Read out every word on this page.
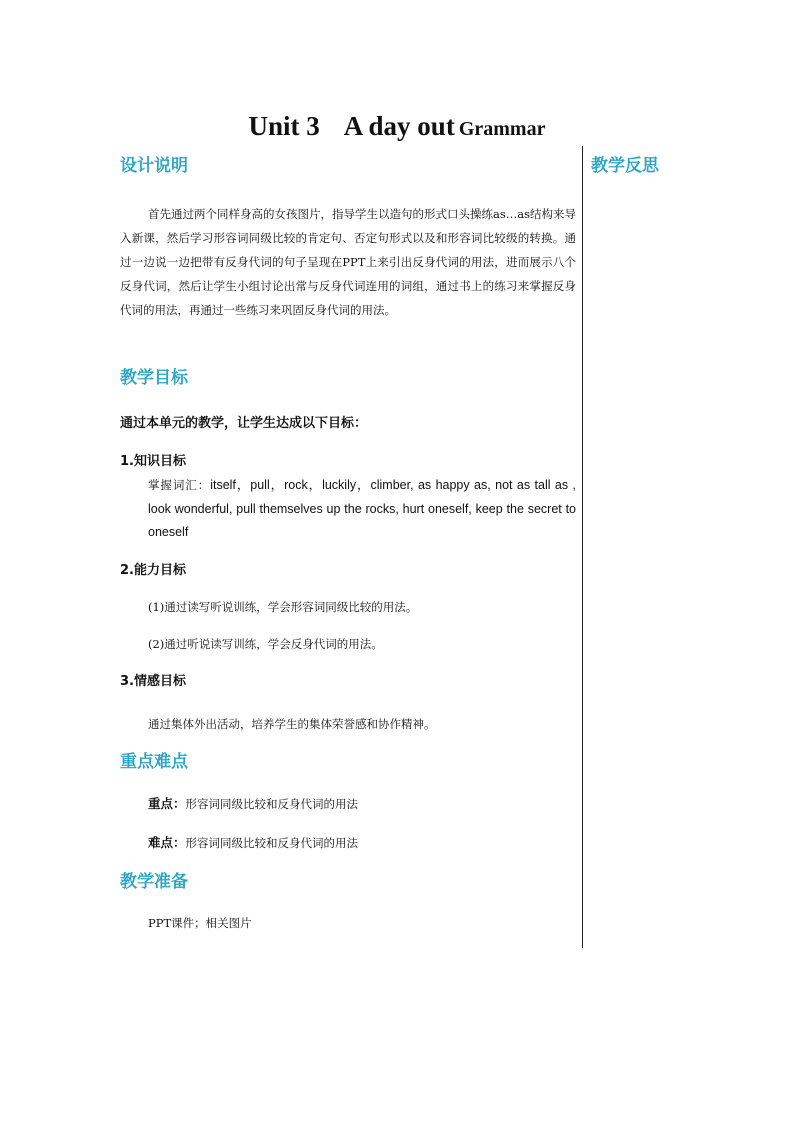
Unit 3 A day out Grammar
教学反思
设计说明
首先通过两个同样身高的女孩图片，指导学生以造句的形式口头操练as…as结构来导入新课，然后学习形容词同级比较的肯定句、否定句形式以及和形容词比较级的转换。通过一边说一边把带有反身代词的句子呈现在PPT上来引出反身代词的用法，进而展示八个反身代词，然后让学生小组讨论出常与反身代词连用的词组，通过书上的练习来掌握反身代词的用法，再通过一些练习来巩固反身代词的用法。
教学目标
通过本单元的教学，让学生达成以下目标：
1.知识目标
掌握词汇：itself，pull，rock，luckily，climber, as happy as, not as tall as , look wonderful, pull themselves up the rocks, hurt oneself, keep the secret to oneself
2.能力目标
(1)通过读写听说训练，学会形容词同级比较的用法。
(2)通过听说读写训练，学会反身代词的用法。
3.情感目标
通过集体外出活动，培养学生的集体荣誉感和协作精神。
重点难点
重点：形容词同级比较和反身代词的用法
难点：形容词同级比较和反身代词的用法
教学准备
PPT课件；相关图片
